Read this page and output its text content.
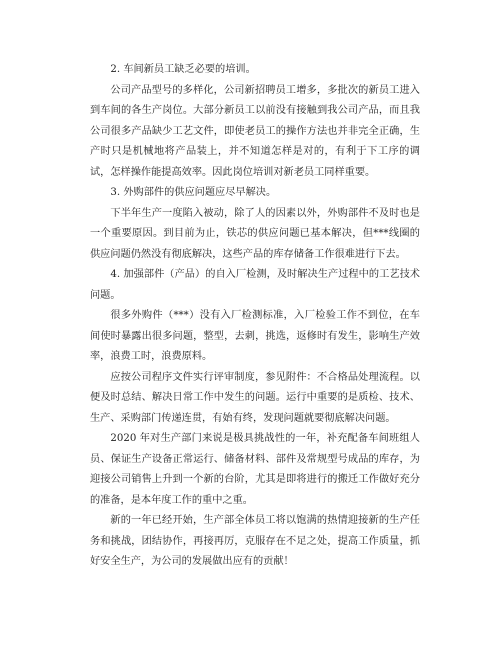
2. 车间新员工缺乏必要的培训。

公司产品型号的多样化，公司新招聘员工增多，多批次的新员工进入到车间的各生产岗位。大部分新员工以前没有接触到我公司产品，而且我公司很多产品缺少工艺文件，即使老员工的操作方法也并非完全正确，生产时只是机械地将产品装上，并不知道怎样是对的，有利于下工序的调试，怎样操作能提高效率。因此岗位培训对新老员工同样重要。

3. 外购部件的供应问题应尽早解决。

下半年生产一度陷入被动，除了人的因素以外，外购部件不及时也是一个重要原因。到目前为止，铁芯的供应问题已基本解决，但***线圈的供应问题仍然没有彻底解决，这些产品的库存储备工作很难进行下去。

4. 加强部件（产品）的自入厂检测，及时解决生产过程中的工艺技术问题。

很多外购件（***）没有入厂检测标准，入厂检验工作不到位，在车间使时暴露出很多问题，整型，去刺，挑选，返修时有发生，影响生产效率，浪费工时，浪费原料。

应按公司程序文件实行评审制度，参见附件：不合格品处理流程。以便及时总结、解决日常工作中发生的问题。运行中重要的是质检、技术、生产、采购部门传递连贯，有始有终，发现问题就要彻底解决问题。

2020 年对生产部门来说是极具挑战性的一年，补充配备车间班组人员、保证生产设备正常运行、储备材料、部件及常规型号成品的库存，为迎接公司销售上升到一个新的台阶，尤其是即将进行的搬迁工作做好充分的准备，是本年度工作的重中之重。

新的一年已经开始，生产部全体员工将以饱满的热情迎接新的生产任务和挑战，团结协作，再接再厉，克服存在不足之处，提高工作质量，抓好安全生产，为公司的发展做出应有的贡献！
